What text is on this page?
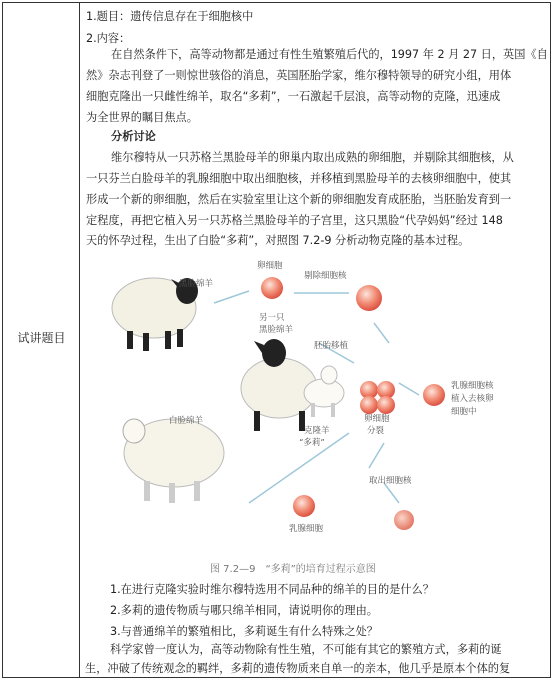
试讲题目
1.题目：遗传信息存在于细胞核中
2.内容：
在自然条件下，高等动物都是通过有性生殖繁殖后代的，1997 年 2 月 27 日，英国《自
然》杂志刊登了一则惊世骇俗的消息，英国胚胎学家，维尔穆特领导的研究小组，用体
细胞克隆出一只雌性绵羊，取名“多莉”，一石激起千层浪，高等动物的克隆，迅速成
为全世界的瞩目焦点。
分析讨论
维尔穆特从一只苏格兰黑脸母羊的卵巢内取出成熟的卵细胞，并剔除其细胞核，从
一只芬兰白脸母羊的乳腺细胞中取出细胞核，并移植到黑脸母羊的去核卵细胞中，使其
形成一个新的卵细胞，然后在实验室里让这个新的卵细胞发育成胚胎，当胚胎发育到一
定程度，再把它植入另一只苏格兰黑脸母羊的子宫里，这只黑脸“代孕妈妈”经过 148
天的怀孕过程，生出了白脸“多莉”，对照图 7.2-9 分析动物克隆的基本过程。
黑脸绵羊
卵细胞
剔除细胞核
另一只
黑脸绵羊
胚胎移植
卵细胞
分裂
乳腺细胞核
植入去核卵
细胞中
白脸绵羊
克隆羊
“多莉”
取出细胞核
乳腺细胞
图 7.2—9　“多莉”的培育过程示意图
1.在进行克隆实验时维尔穆特选用不同品种的绵羊的目的是什么？
2.多莉的遗传物质与哪只绵羊相同，请说明你的理由。
3.与普通绵羊的繁殖相比，多莉诞生有什么特殊之处？
科学家曾一度认为，高等动物除有性生殖，不可能有其它的繁殖方式，多莉的诞
生，冲破了传统观念的羁绊，多莉的遗传物质来自单一的亲本，他几乎是原本个体的复
